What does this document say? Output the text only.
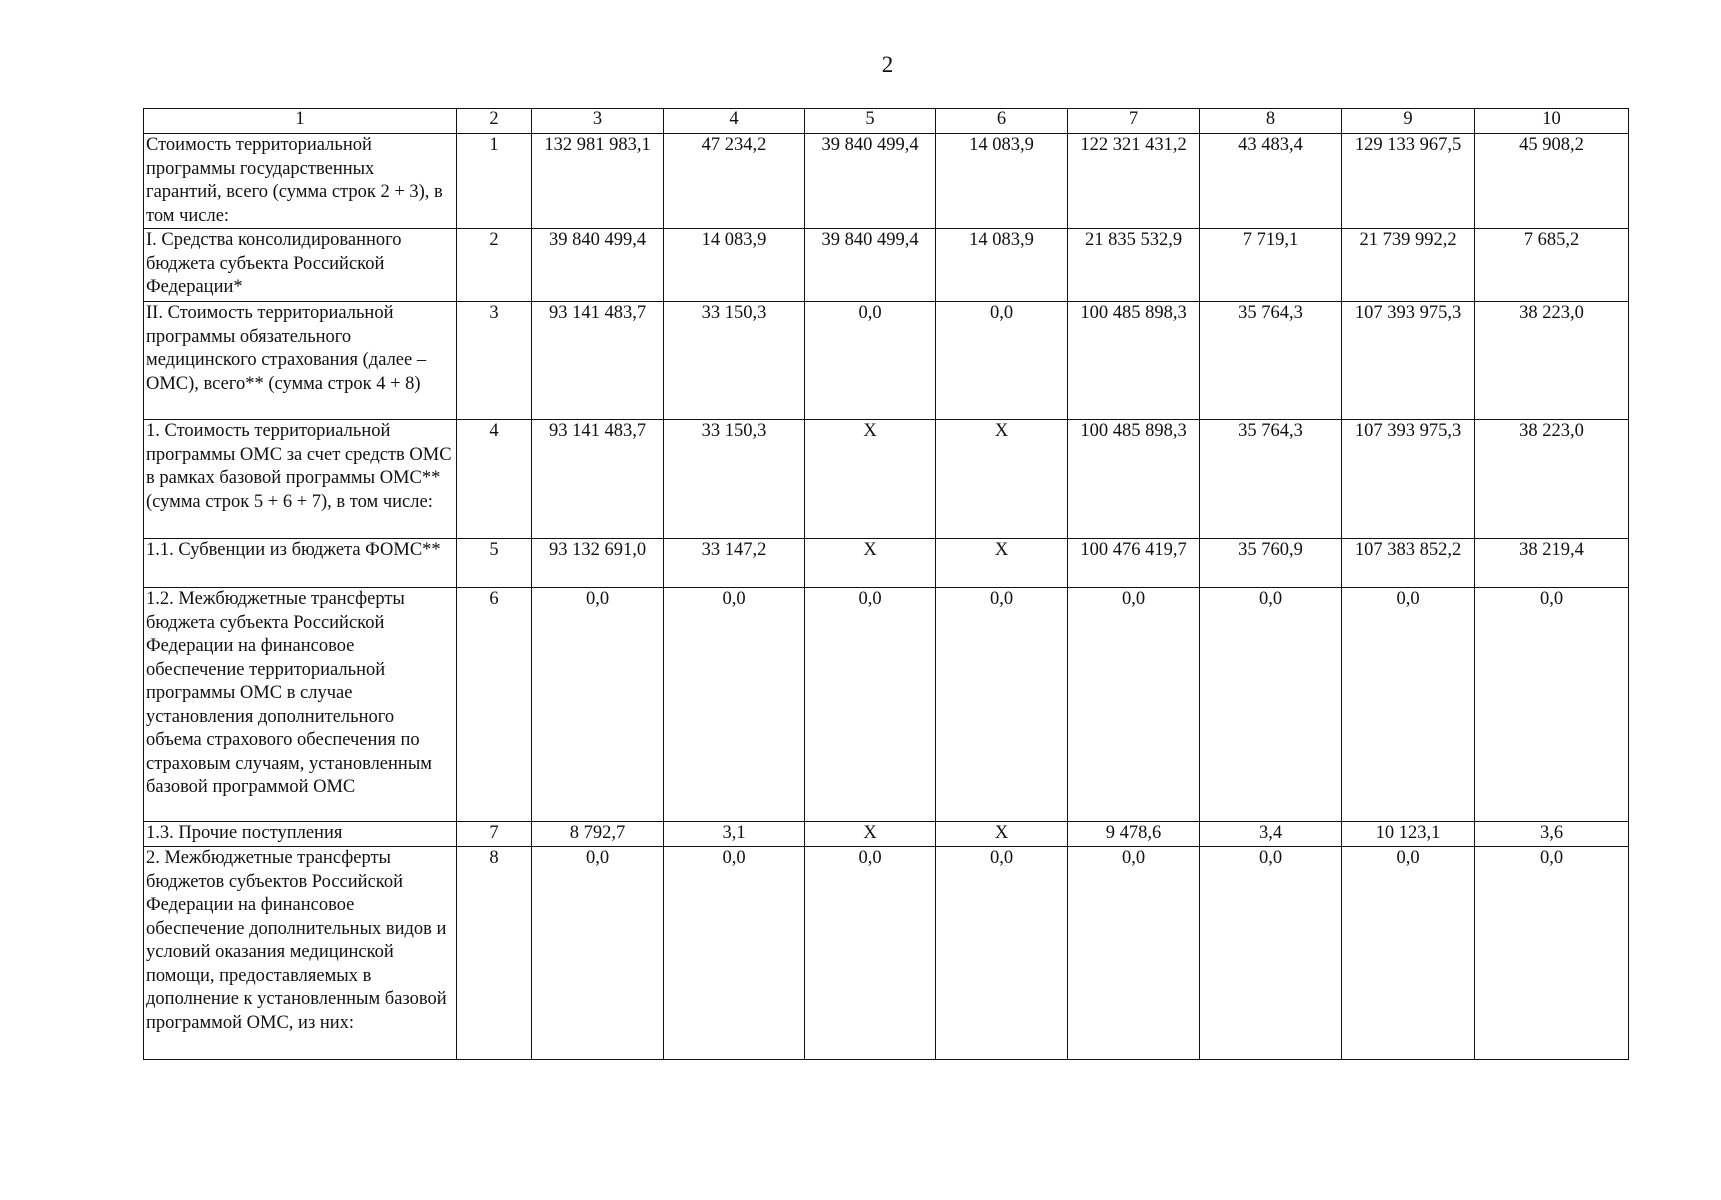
2
1	2	3	4	5	6	7	8	9	10
Стоимость территориальной программы государственных гарантий, всего (сумма строк 2 + 3), в том числе:	1	132 981 983,1	47 234,2	39 840 499,4	14 083,9	122 321 431,2	43 483,4	129 133 967,5	45 908,2
I. Средства консолидированного бюджета субъекта Российской Федерации*	2	39 840 499,4	14 083,9	39 840 499,4	14 083,9	21 835 532,9	7 719,1	21 739 992,2	7 685,2
II. Стоимость территориальной программы обязательного медицинского страхования (далее – ОМС), всего** (сумма строк 4 + 8)	3	93 141 483,7	33 150,3	0,0	0,0	100 485 898,3	35 764,3	107 393 975,3	38 223,0
1. Стоимость территориальной программы ОМС за счет средств ОМС в рамках базовой программы ОМС** (сумма строк 5 + 6 + 7), в том числе:	4	93 141 483,7	33 150,3	Х	Х	100 485 898,3	35 764,3	107 393 975,3	38 223,0
1.1. Субвенции из бюджета ФОМС**	5	93 132 691,0	33 147,2	Х	Х	100 476 419,7	35 760,9	107 383 852,2	38 219,4
1.2. Межбюджетные трансферты бюджета субъекта Российской Федерации на финансовое обеспечение территориальной программы ОМС в случае установления дополнительного объема страхового обеспечения по страховым случаям, установленным базовой программой ОМС	6	0,0	0,0	0,0	0,0	0,0	0,0	0,0	0,0
1.3. Прочие поступления	7	8 792,7	3,1	Х	Х	9 478,6	3,4	10 123,1	3,6
2. Межбюджетные трансферты бюджетов субъектов Российской Федерации на финансовое обеспечение дополнительных видов и условий оказания медицинской помощи, предоставляемых в дополнение к установленным базовой программой ОМС, из них:	8	0,0	0,0	0,0	0,0	0,0	0,0	0,0	0,0
